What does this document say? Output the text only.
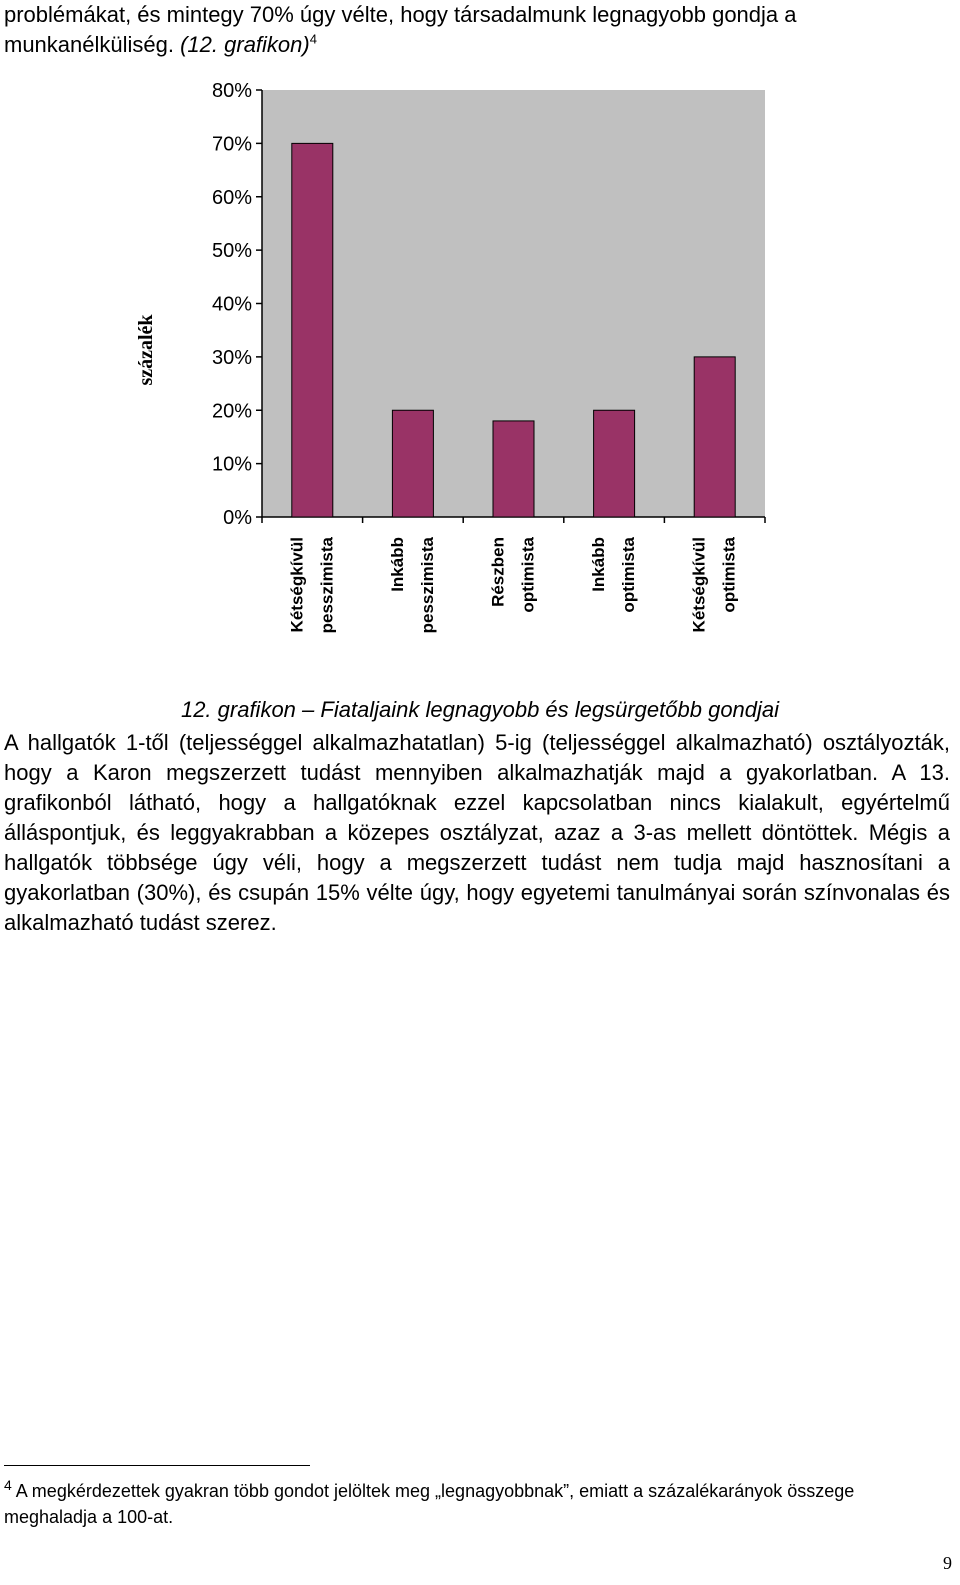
problémákat, és mintegy 70% úgy vélte, hogy társadalmunk legnagyobb gondja a
munkanélküliség. (12. grafikon)$^4$
0%
10%
20%
30%
40%
50%
60%
70%
80%
százalék
Kétségkívül pesszimista	Inkább pesszimista	Részben optimista	Inkább optimista	Kétségkívül optimista
12. grafikon – Fiataljaink legnagyobb és legsürgetőbb gondjai
A hallgatók 1-től (teljességgel alkalmazhatatlan) 5-ig (teljességgel alkalmazható) osztályozták, hogy a Karon megszerzett tudást mennyiben alkalmazhatják majd a gyakorlatban. A 13. grafikonból látható, hogy a hallgatóknak ezzel kapcsolatban nincs kialakult, egyértelmű álláspontjuk, és leggyakrabban a közepes osztályzat, azaz a 3-as mellett döntöttek. Mégis a hallgatók többsége úgy véli, hogy a megszerzett tudást nem tudja majd hasznosítani a gyakorlatban (30%), és csupán 15% vélte úgy, hogy egyetemi tanulmányai során színvonalas és alkalmazható tudást szerez.
$^4$ A megkérdezettek gyakran több gondot jelöltek meg „legnagyobbnak”, emiatt a százalékarányok összege meghaladja a 100-at.
9
